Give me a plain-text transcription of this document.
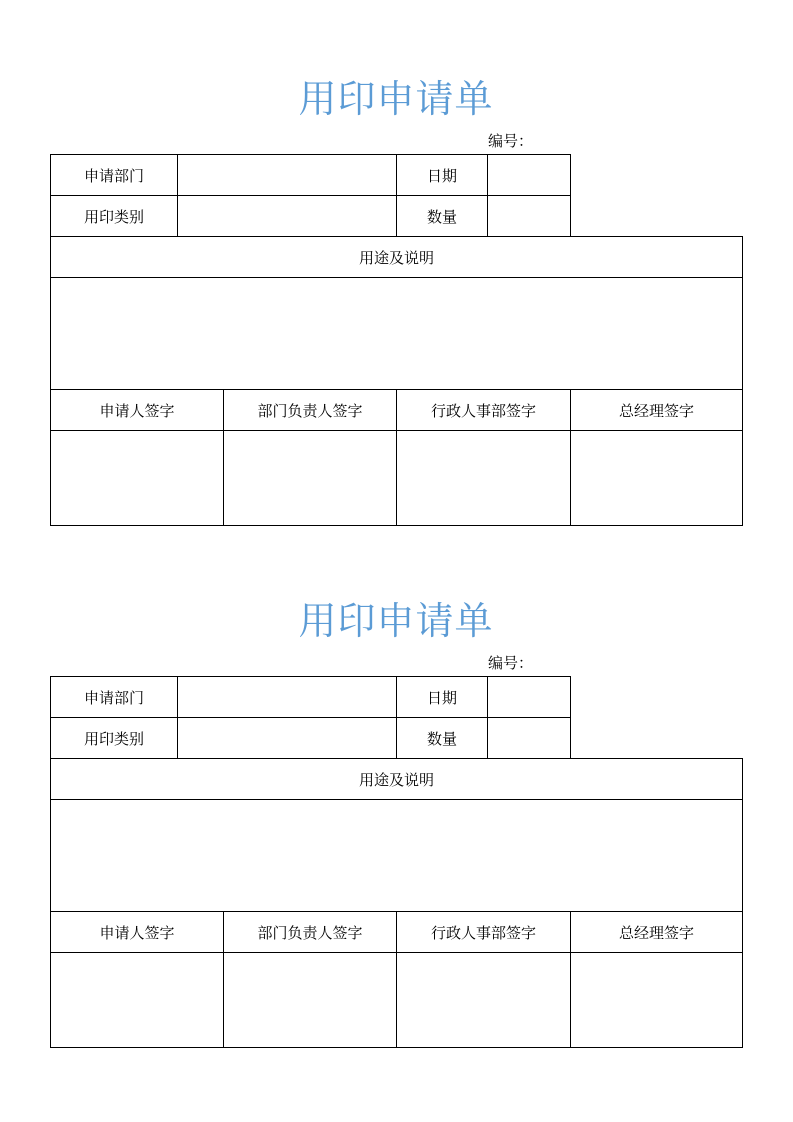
用印申请单
编号：
申请部门			日期		
用印类别			数量		
用途及说明					

申请人签字		部门负责人签字	行政人事部签字		总经理签字

用印申请单
编号：
申请部门			日期		
用印类别			数量		
用途及说明					

申请人签字		部门负责人签字	行政人事部签字		总经理签字
